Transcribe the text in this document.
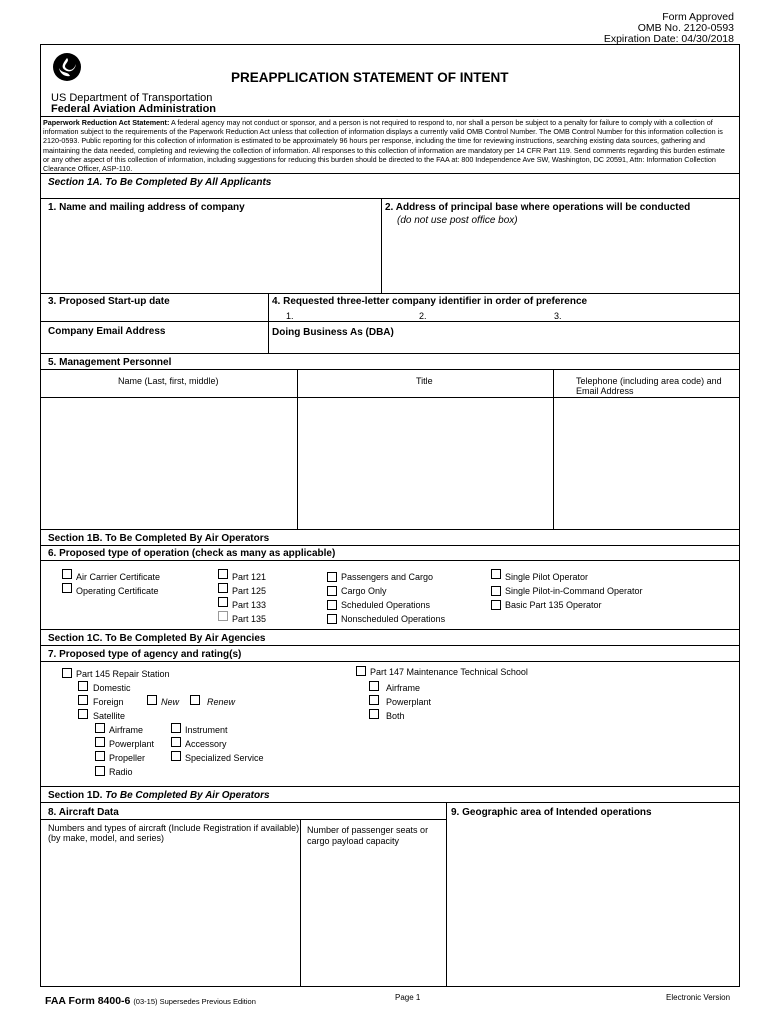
Form Approved
OMB No. 2120-0593
Expiration Date: 04/30/2018
PREAPPLICATION STATEMENT OF INTENT
US Department of Transportation
Federal Aviation Administration
Paperwork Reduction Act Statement: A federal agency may not conduct or sponsor, and a person is not required to respond to, nor shall a person be subject to a penalty for failure to comply with a collection of information subject to the requirements of the Paperwork Reduction Act unless that collection of information displays a currently valid OMB Control Number. The OMB Control Number for this information collection is 2120-0593. Public reporting for this collection of information is estimated to be approximately 96 hours per response, including the time for reviewing instructions, searching existing data sources, gathering and maintaining the data needed, completing and reviewing the collection of information. All responses to this collection of information are mandatory per 14 CFR Part 119. Send comments regarding this burden estimate or any other aspect of this collection of information, including suggestions for reducing this burden should be directed to the FAA at: 800 Independence Ave SW, Washington, DC 20591, Attn: Information Collection Clearance Officer, ASP-110.
Section 1A. To Be Completed By All Applicants
1. Name and mailing address of company	2. Address of principal base where operations will be conducted
(do not use post office box)
3. Proposed Start-up date	4. Requested three-letter company identifier in order of preference
1.	2.	3.
Company Email Address	Doing Business As (DBA)
5. Management Personnel
Name (Last, first, middle)	Title	Telephone (including area code) and
Email Address
Section 1B. To Be Completed By Air Operators
6. Proposed type of operation (check as many as applicable)
Air Carrier Certificate
Operating Certificate
Part 121
Part 125
Part 133
Part 135
Passengers and Cargo
Cargo Only
Scheduled Operations
Nonscheduled Operations
Single Pilot Operator
Single Pilot-in-Command Operator
Basic Part 135 Operator
Section 1C. To Be Completed By Air Agencies
7. Proposed type of agency and rating(s)
Part 145 Repair Station
Domestic
Foreign	New	Renew
Satellite
Airframe
Powerplant
Propeller
Radio
Instrument
Accessory
Specialized Service
Part 147 Maintenance Technical School
Airframe
Powerplant
Both
Section 1D. To Be Completed By Air Operators
8. Aircraft Data	9. Geographic area of Intended operations
Numbers and types of aircraft (Include Registration if available)
(by make, model, and series)
Number of passenger seats or
cargo payload capacity
FAA Form 8400-6 (03-15) Supersedes Previous Edition	Page 1	Electronic Version
